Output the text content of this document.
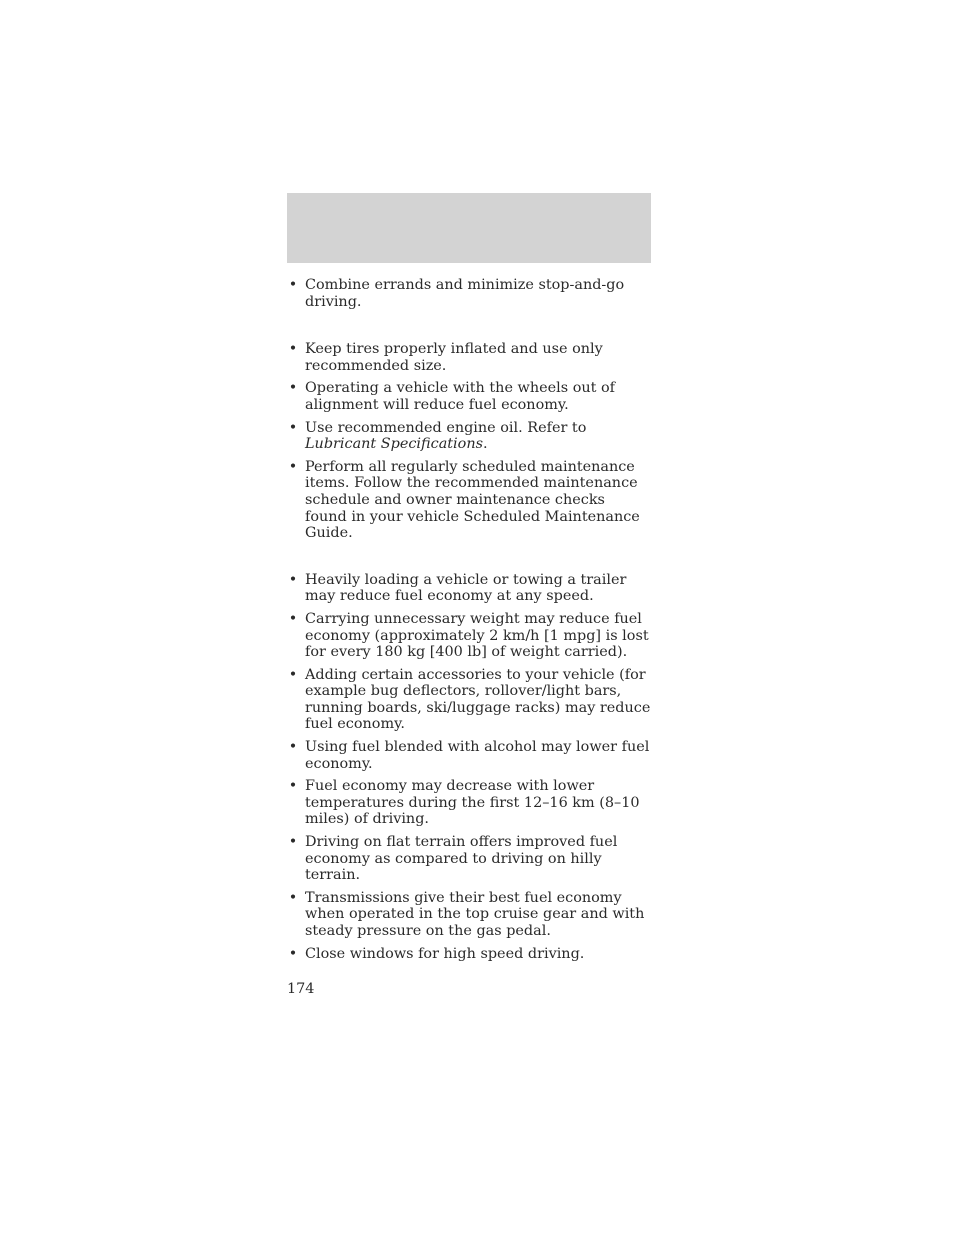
• Combine errands and minimize stop-and-go driving.
• Keep tires properly inflated and use only recommended size.
• Operating a vehicle with the wheels out of alignment will reduce fuel economy.
• Use recommended engine oil. Refer to Lubricant Specifications.
• Perform all regularly scheduled maintenance items. Follow the recommended maintenance schedule and owner maintenance checks found in your vehicle Scheduled Maintenance Guide.
• Heavily loading a vehicle or towing a trailer may reduce fuel economy at any speed.
• Carrying unnecessary weight may reduce fuel economy (approximately 2 km/h [1 mpg] is lost for every 180 kg [400 lb] of weight carried).
• Adding certain accessories to your vehicle (for example bug deflectors, rollover/light bars, running boards, ski/luggage racks) may reduce fuel economy.
• Using fuel blended with alcohol may lower fuel economy.
• Fuel economy may decrease with lower temperatures during the first 12–16 km (8–10 miles) of driving.
• Driving on flat terrain offers improved fuel economy as compared to driving on hilly terrain.
• Transmissions give their best fuel economy when operated in the top cruise gear and with steady pressure on the gas pedal.
• Close windows for high speed driving.
174
